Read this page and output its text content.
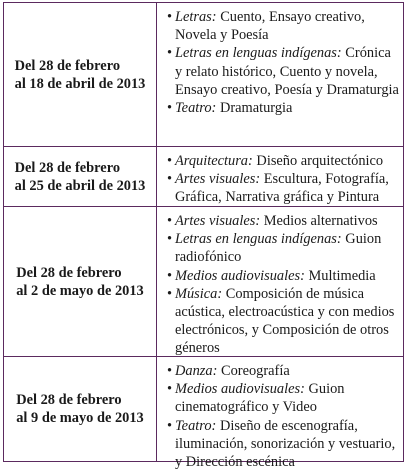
Del 28 de febrero
al 18 de abril de 2013
• Letras: Cuento, Ensayo creativo, Novela y Poesía
• Letras en lenguas indígenas: Crónica y relato histórico, Cuento y novela, Ensayo creativo, Poesía y Dramaturgia
• Teatro: Dramaturgia
Del 28 de febrero
al 25 de abril de 2013
• Arquitectura: Diseño arquitectónico
• Artes visuales: Escultura, Fotografía, Gráfica, Narrativa gráfica y Pintura
Del 28 de febrero
al 2 de mayo de 2013
• Artes visuales: Medios alternativos
• Letras en lenguas indígenas: Guion radiofónico
• Medios audiovisuales: Multimedia
• Música: Composición de música acústica, electroacústica y con medios electrónicos, y Composición de otros géneros
Del 28 de febrero
al 9 de mayo de 2013
• Danza: Coreografía
• Medios audiovisuales: Guion cinematográfico y Video
• Teatro: Diseño de escenografía, iluminación, sonorización y vestuario, y Dirección escénica
